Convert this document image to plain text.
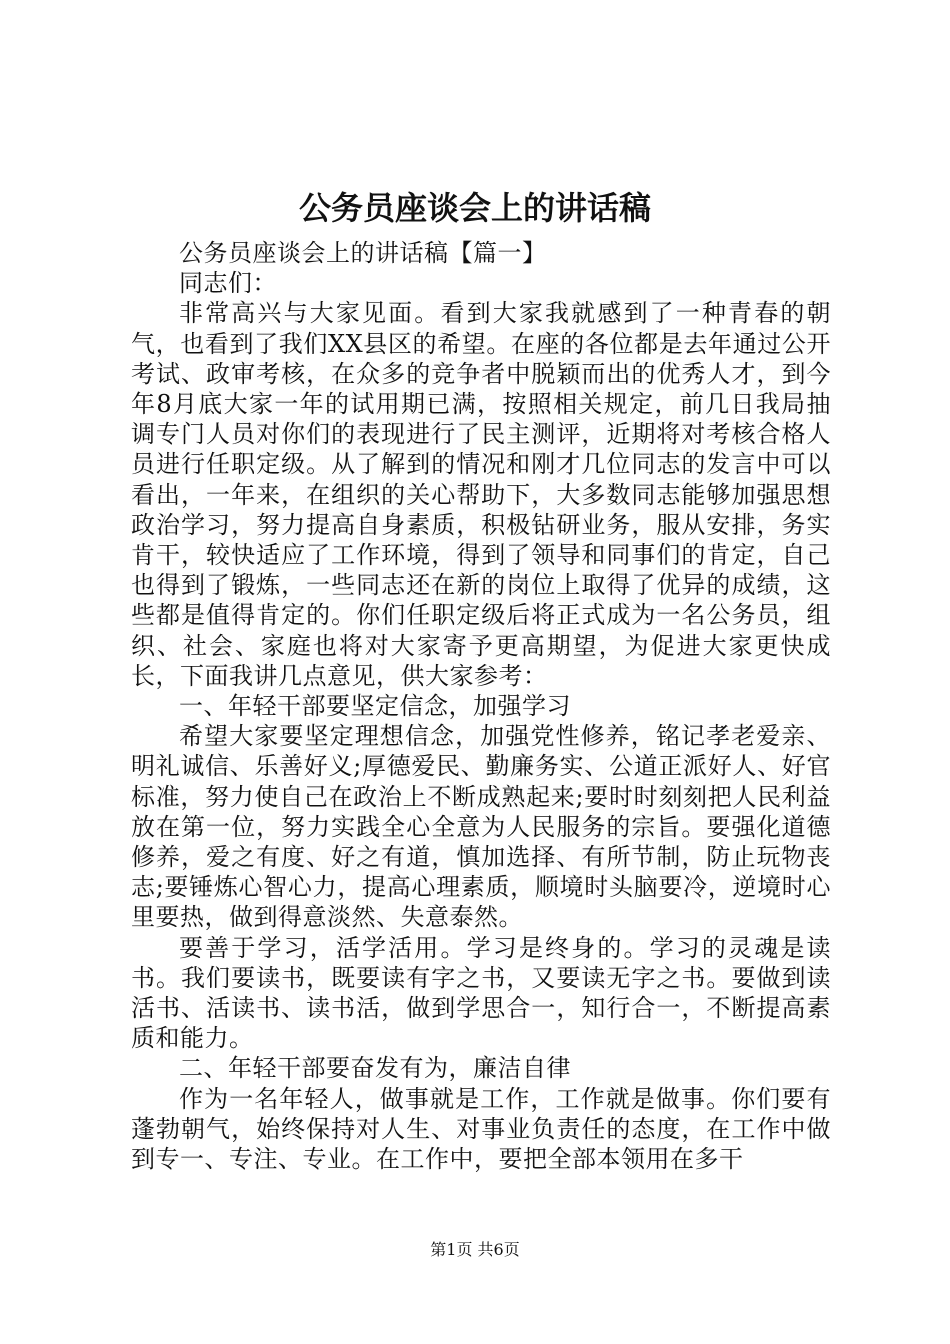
公务员座谈会上的讲话稿

公务员座谈会上的讲话稿【篇一】

同志们：

非常高兴与大家见面。看到大家我就感到了一种青春的朝气，也看到了我们XX县区的希望。在座的各位都是去年通过公开考试、政审考核，在众多的竞争者中脱颖而出的优秀人才，到今年8月底大家一年的试用期已满，按照相关规定，前几日我局抽调专门人员对你们的表现进行了民主测评，近期将对考核合格人员进行任职定级。从了解到的情况和刚才几位同志的发言中可以看出，一年来，在组织的关心帮助下，大多数同志能够加强思想政治学习，努力提高自身素质，积极钻研业务，服从安排，务实肯干，较快适应了工作环境，得到了领导和同事们的肯定，自己也得到了锻炼，一些同志还在新的岗位上取得了优异的成绩，这些都是值得肯定的。你们任职定级后将正式成为一名公务员，组织、社会、家庭也将对大家寄予更高期望，为促进大家更快成长，下面我讲几点意见，供大家参考：

一、年轻干部要坚定信念，加强学习

希望大家要坚定理想信念，加强党性修养，铭记孝老爱亲、明礼诚信、乐善好义;厚德爱民、勤廉务实、公道正派好人、好官标准，努力使自己在政治上不断成熟起来;要时时刻刻把人民利益放在第一位，努力实践全心全意为人民服务的宗旨。要强化道德修养，爱之有度、好之有道，慎加选择、有所节制，防止玩物丧志;要锤炼心智心力，提高心理素质，顺境时头脑要冷，逆境时心里要热，做到得意淡然、失意泰然。

要善于学习，活学活用。学习是终身的。学习的灵魂是读书。我们要读书，既要读有字之书，又要读无字之书。要做到读活书、活读书、读书活，做到学思合一，知行合一，不断提高素质和能力。

二、年轻干部要奋发有为，廉洁自律

作为一名年轻人，做事就是工作，工作就是做事。你们要有蓬勃朝气，始终保持对人生、对事业负责任的态度，在工作中做到专一、专注、专业。在工作中，要把全部本领用在多干

第1页 共6页
